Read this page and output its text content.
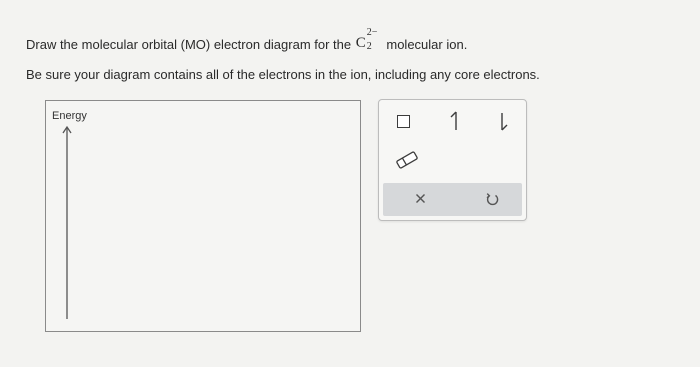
Draw the molecular orbital (MO) electron diagram for the C
2−
2 molecular ion.
Be sure your diagram contains all of the electrons in the ion, including any core electrons.
Energy
